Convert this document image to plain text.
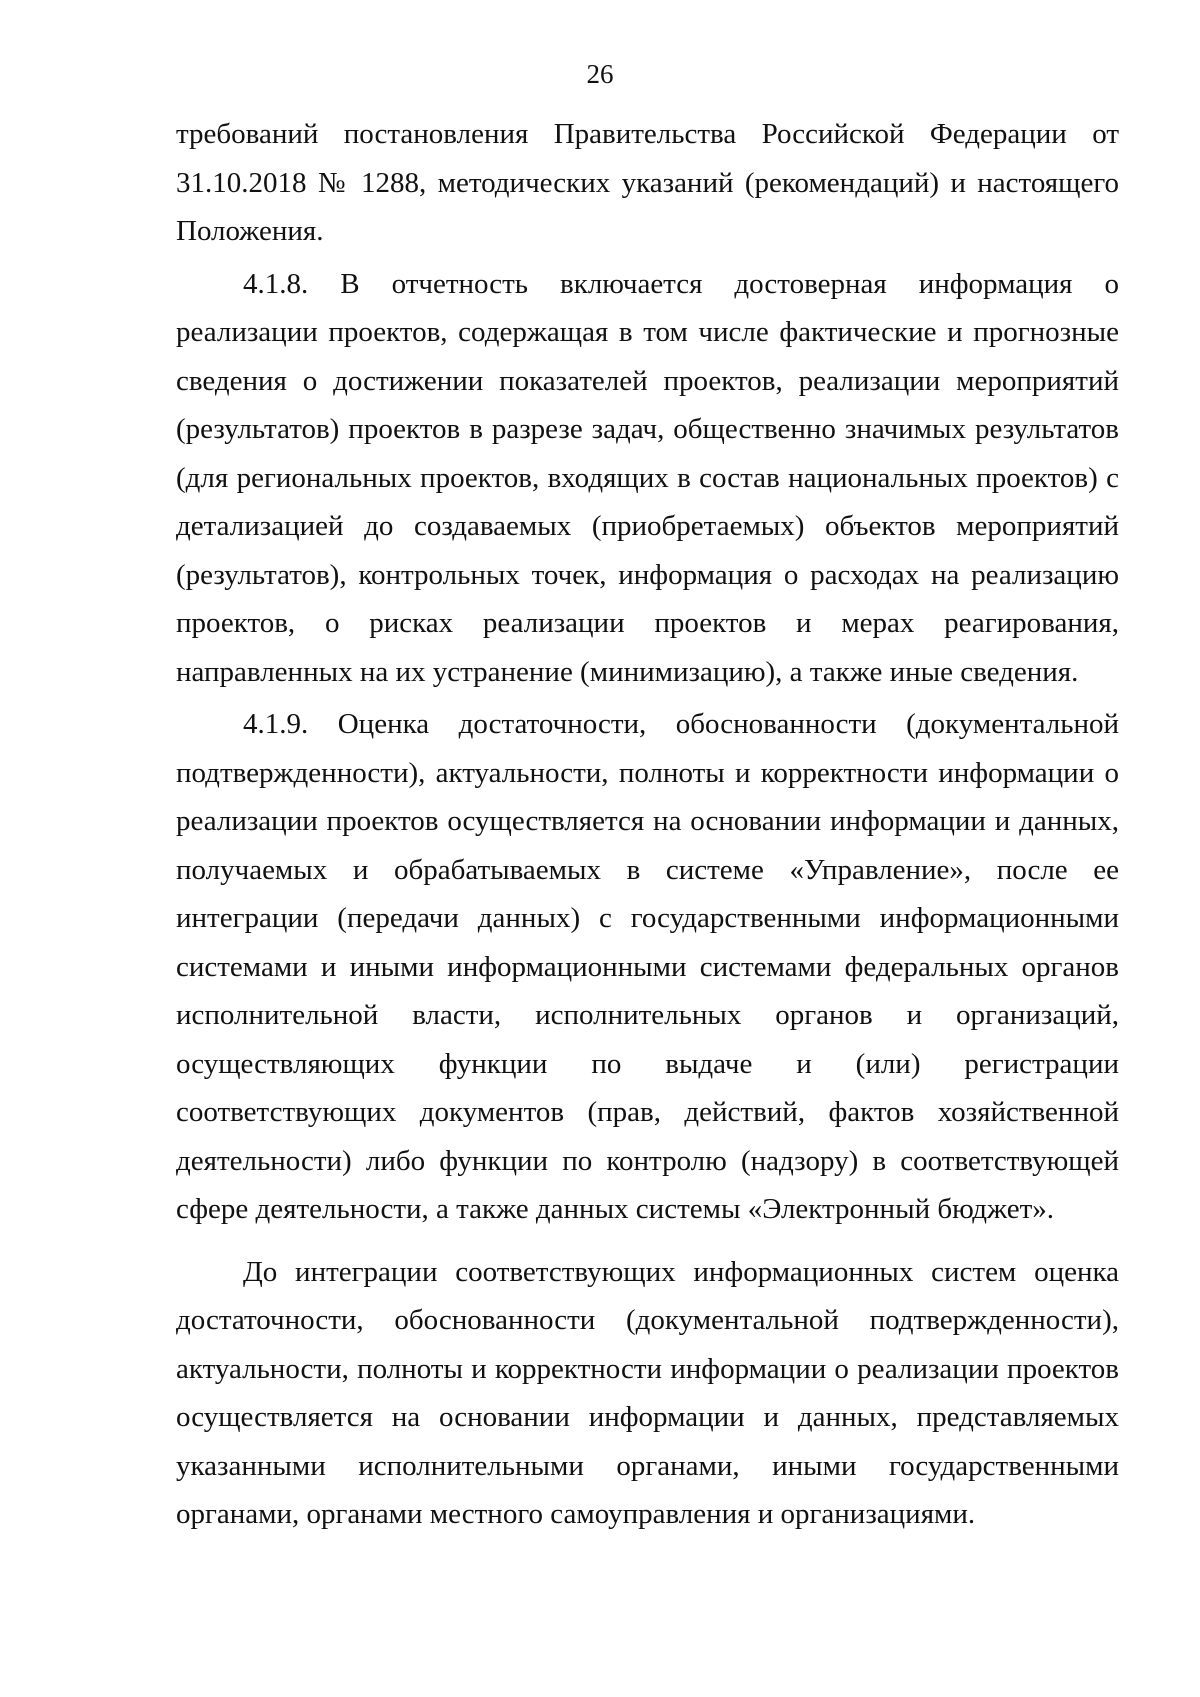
26

требований постановления Правительства Российской Федерации от 31.10.2018 № 1288, методических указаний (рекомендаций) и настоящего Положения.

4.1.8. В отчетность включается достоверная информация о реализации проектов, содержащая в том числе фактические и прогнозные сведения о достижении показателей проектов, реализации мероприятий (результатов) проектов в разрезе задач, общественно значимых результатов (для региональных проектов, входящих в состав национальных проектов) с детализацией до создаваемых (приобретаемых) объектов мероприятий (результатов), контрольных точек, информация о расходах на реализацию проектов, о рисках реализации проектов и мерах реагирования, направленных на их устранение (минимизацию), а также иные сведения.

4.1.9. Оценка достаточности, обоснованности (документальной подтвержденности), актуальности, полноты и корректности информации о реализации проектов осуществляется на основании информации и данных, получаемых и обрабатываемых в системе «Управление», после ее интеграции (передачи данных) с государственными информационными системами и иными информационными системами федеральных органов исполнительной власти, исполнительных органов и организаций, осуществляющих функции по выдаче и (или) регистрации соответствующих документов (прав, действий, фактов хозяйственной деятельности) либо функции по контролю (надзору) в соответствующей сфере деятельности, а также данных системы «Электронный бюджет».

До интеграции соответствующих информационных систем оценка достаточности, обоснованности (документальной подтвержденности), актуальности, полноты и корректности информации о реализации проектов осуществляется на основании информации и данных, представляемых указанными исполнительными органами, иными государственными органами, органами местного самоуправления и организациями.
